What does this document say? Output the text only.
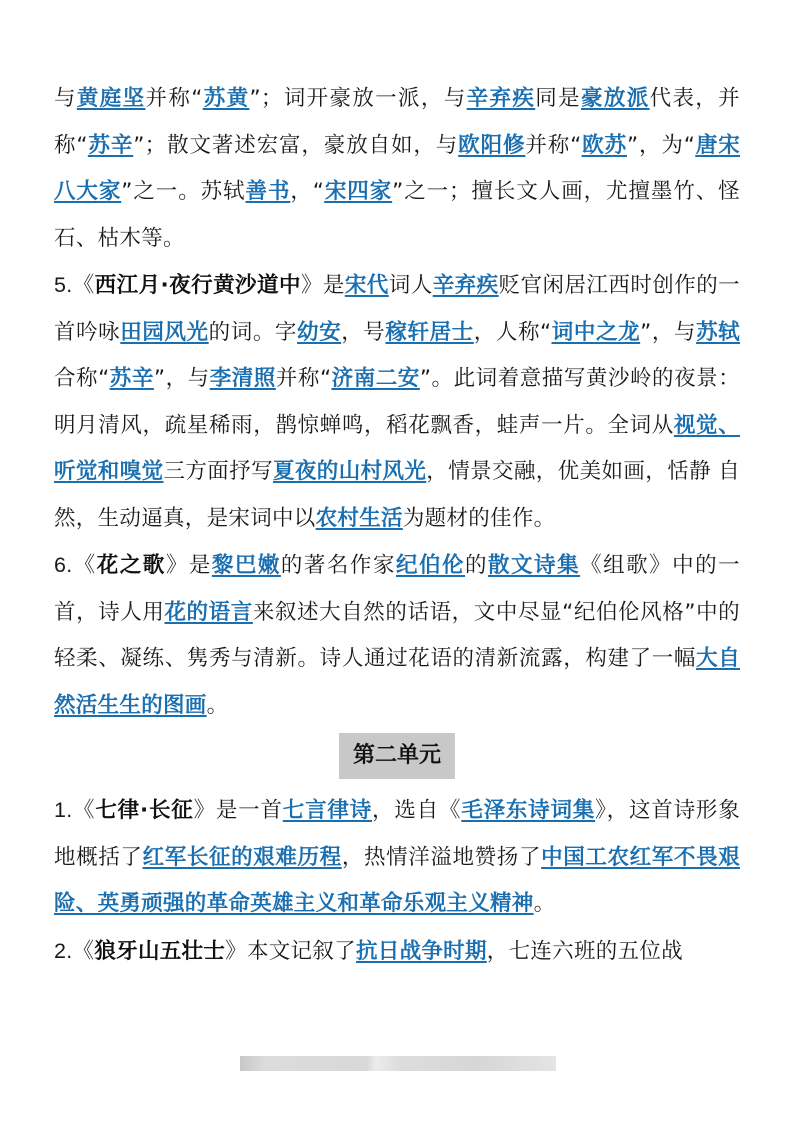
与黄庭坚并称“苏黄”；词开豪放一派，与辛弃疾同是豪放派代表，并称“苏辛”；散文著述宏富，豪放自如，与欧阳修并称“欧苏”，为“唐宋八大家”之一。苏轼善书，“宋四家”之一；擅长文人画，尤擅墨竹、怪石、枯木等。

5.《西江月·夜行黄沙道中》是宋代词人辛弃疾贬官闲居江西时创作的一首吟咏田园风光的词。字幼安，号稼轩居士，人称“词中之龙”，与苏轼合称“苏辛”，与李清照并称“济南二安”。此词着意描写黄沙岭的夜景：明月清风，疏星稀雨，鹊惊蝉鸣，稻花飘香，蛙声一片。全词从视觉、听觉和嗅觉三方面抒写夏夜的山村风光，情景交融，优美如画，恬静 自然，生动逼真，是宋词中以农村生活为题材的佳作。

6.《花之歌》是黎巴嫩的著名作家纪伯伦的散文诗集《组歌》中的一首，诗人用花的语言来叙述大自然的话语，文中尽显“纪伯伦风格”中的轻柔、凝练、隽秀与清新。诗人通过花语的清新流露，构建了一幅大自然活生生的图画。

第二单元

1.《七律·长征》是一首七言律诗，选自《毛泽东诗词集》，这首诗形象地概括了红军长征的艰难历程，热情洋溢地赞扬了中国工农红军不畏艰险、英勇顽强的革命英雄主义和革命乐观主义精神。

2.《狼牙山五壮士》本文记叙了抗日战争时期，七连六班的五位战
